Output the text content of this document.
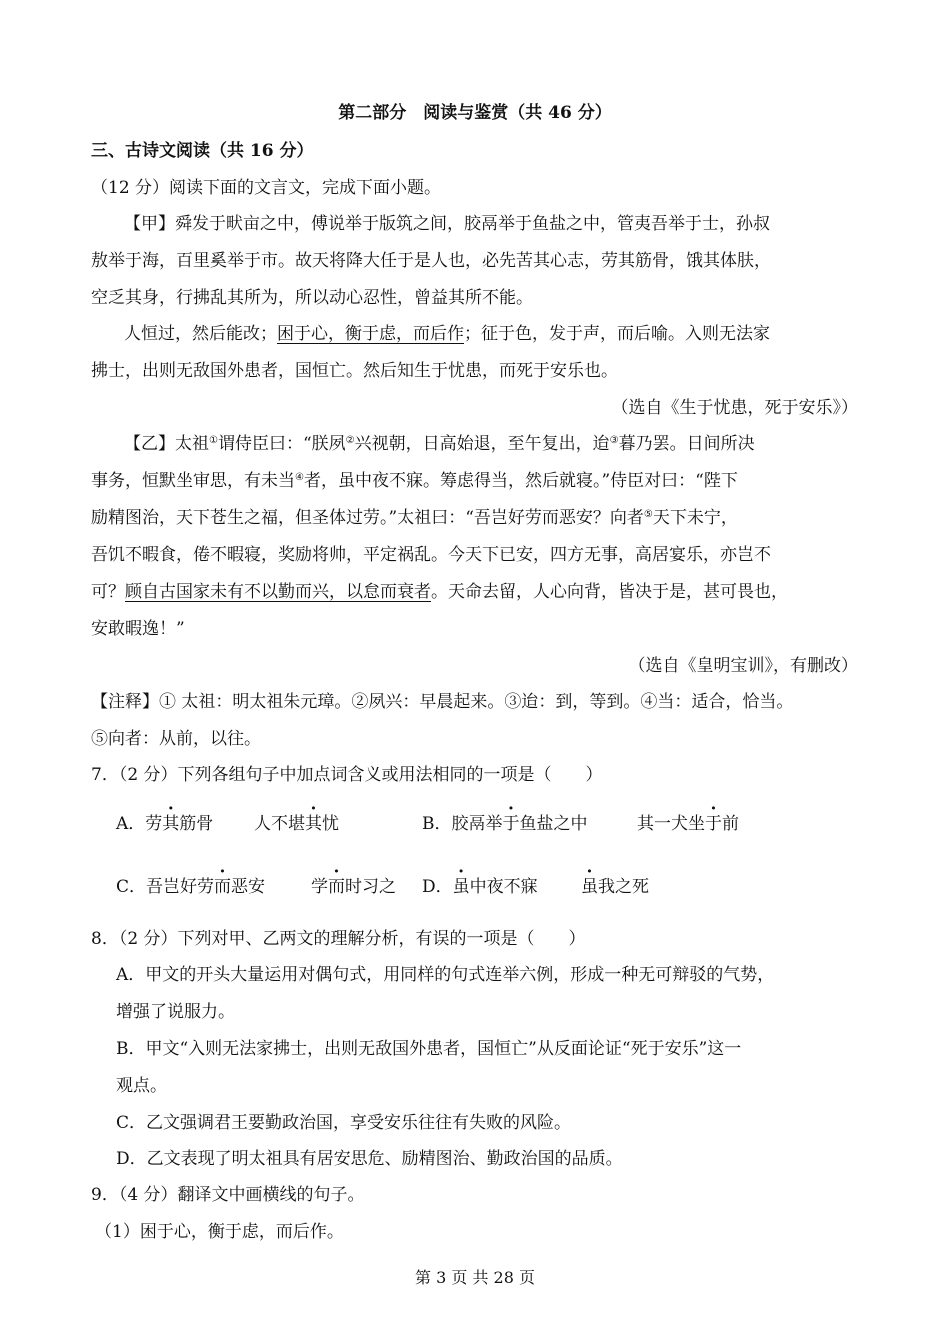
第二部分　阅读与鉴赏（共 46 分）
三、古诗文阅读（共 16 分）
（12 分）阅读下面的文言文，完成下面小题。
【甲】舜发于畎亩之中，傅说举于版筑之间，胶鬲举于鱼盐之中，管夷吾举于士，孙叔
敖举于海，百里奚举于市。故天将降大任于是人也，必先苦其心志，劳其筋骨，饿其体肤，
空乏其身，行拂乱其所为，所以动心忍性，曾益其所不能。
人恒过，然后能改；困于心，衡于虑，而后作；征于色，发于声，而后喻。入则无法家
拂士，出则无敌国外患者，国恒亡。然后知生于忧患，而死于安乐也。
（选自《生于忧患，死于安乐》）
【乙】太祖①谓侍臣曰：“朕夙②兴视朝，日高始退，至午复出，迨③暮乃罢。日间所决
事务，恒默坐审思，有未当④者，虽中夜不寐。筹虑得当，然后就寝。”侍臣对曰：“陛下
励精图治，天下苍生之福，但圣体过劳。”太祖曰：“吾岂好劳而恶安？向者⑤天下未宁，
吾饥不暇食，倦不暇寝，奖励将帅，平定祸乱。今天下已安，四方无事，高居宴乐，亦岂不
可？顾自古国家未有不以勤而兴，以怠而衰者。天命去留，人心向背，皆决于是，甚可畏也，
安敢暇逸！”
（选自《皇明宝训》，有删改）
【注释】① 太祖：明太祖朱元璋。②夙兴：早晨起来。③迨：到，等到。④当：适合，恰当。
⑤向者：从前，以往。
7．（2 分）下列各组句子中加点词含义或用法相同的一项是（　　）
A．劳其筋骨 人不堪其忧	B．胶鬲举于鱼盐之中	其一犬坐于前
C．吾岂好劳而恶安	学而时习之 D．虽中夜不寐	虽我之死
8．（2 分）下列对甲、乙两文的理解分析，有误的一项是（　　）
A．甲文的开头大量运用对偶句式，用同样的句式连举六例，形成一种无可辩驳的气势，
增强了说服力。
B．甲文“入则无法家拂士，出则无敌国外患者，国恒亡”从反面论证“死于安乐”这一
观点。
C．乙文强调君王要勤政治国，享受安乐往往有失败的风险。
D．乙文表现了明太祖具有居安思危、励精图治、勤政治国的品质。
9．（4 分）翻译文中画横线的句子。
（1）困于心，衡于虑，而后作。
第 3 页 共 28 页
